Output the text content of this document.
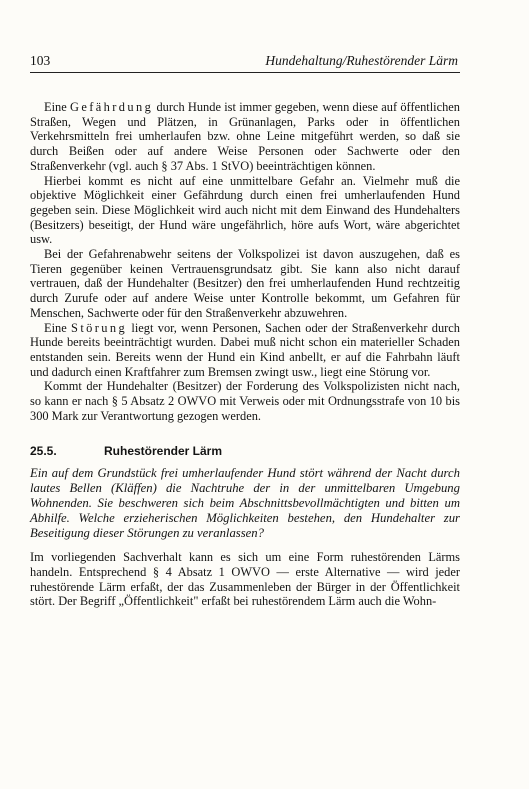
103	Hundehaltung/Ruhestörender Lärm

Eine Gefährdung durch Hunde ist immer gegeben, wenn diese auf öffentlichen Straßen, Wegen und Plätzen, in Grünanlagen, Parks oder in öffentlichen Verkehrsmitteln frei umherlaufen bzw. ohne Leine mitgeführt werden, so daß sie durch Beißen oder auf andere Weise Personen oder Sachwerte oder den Straßenverkehr (vgl. auch § 37 Abs. 1 StVO) beeinträchtigen können.

Hierbei kommt es nicht auf eine unmittelbare Gefahr an. Vielmehr muß die objektive Möglichkeit einer Gefährdung durch einen frei umherlaufenden Hund gegeben sein. Diese Möglichkeit wird auch nicht mit dem Einwand des Hundehalters (Besitzers) beseitigt, der Hund wäre ungefährlich, höre aufs Wort, wäre abgerichtet usw.

Bei der Gefahrenabwehr seitens der Volkspolizei ist davon auszugehen, daß es Tieren gegenüber keinen Vertrauensgrundsatz gibt. Sie kann also nicht darauf vertrauen, daß der Hundehalter (Besitzer) den frei umherlaufenden Hund rechtzeitig durch Zurufe oder auf andere Weise unter Kontrolle bekommt, um Gefahren für Menschen, Sachwerte oder für den Straßenverkehr abzuwehren.

Eine Störung liegt vor, wenn Personen, Sachen oder der Straßenverkehr durch Hunde bereits beeinträchtigt wurden. Dabei muß nicht schon ein materieller Schaden entstanden sein. Bereits wenn der Hund ein Kind anbellt, er auf die Fahrbahn läuft und dadurch einen Kraftfahrer zum Bremsen zwingt usw., liegt eine Störung vor.

Kommt der Hundehalter (Besitzer) der Forderung des Volkspolizisten nicht nach, so kann er nach § 5 Absatz 2 OWVO mit Verweis oder mit Ordnungsstrafe von 10 bis 300 Mark zur Verantwortung gezogen werden.

25.5.	Ruhestörender Lärm

Ein auf dem Grundstück frei umherlaufender Hund stört während der Nacht durch lautes Bellen (Kläffen) die Nachtruhe der in der unmittelbaren Umgebung Wohnenden. Sie beschweren sich beim Abschnittsbevollmächtigten und bitten um Abhilfe. Welche erzieherischen Möglichkeiten bestehen, den Hundehalter zur Beseitigung dieser Störungen zu veranlassen?

Im vorliegenden Sachverhalt kann es sich um eine Form ruhestörenden Lärms handeln. Entsprechend § 4 Absatz 1 OWVO — erste Alternative — wird jeder ruhestörende Lärm erfaßt, der das Zusammenleben der Bürger in der Öffentlichkeit stört. Der Begriff „Öffentlichkeit" erfaßt bei ruhestörendem Lärm auch die Wohn-
